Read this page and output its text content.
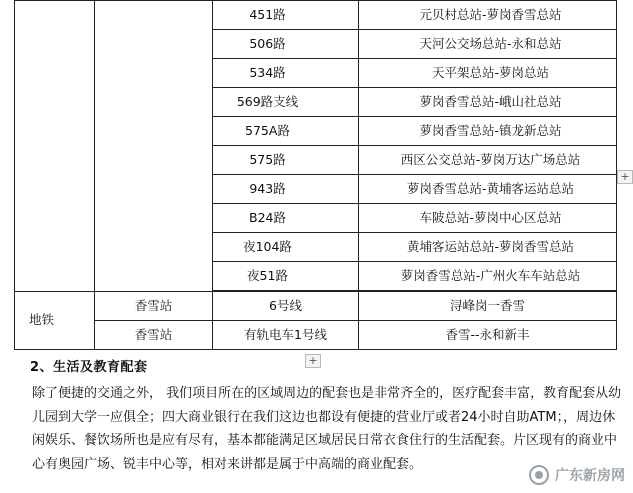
		451路	元贝村总站-萝岗香雪总站
		506路	天河公交场总站-永和总站
		534路	天平架总站-萝岗总站
		569路支线	萝岗香雪总站-峨山社总站
		575A路	萝岗香雪总站-镇龙新总站
		575路	西区公交总站-萝岗万达广场总站
		943路	萝岗香雪总站-黄埔客运站总站
		B24路	车陂总站-萝岗中心区总站
		夜104路	黄埔客运站总站-萝岗香雪总站
		夜51路	萝岗香雪总站-广州火车车站总站
地铁	香雪站	6号线	浔峰岗一香雪
	香雪站	有轨电车1号线	香雪--永和新丰
+
+
2、生活及教育配套
除了便捷的交通之外， 我们项目所在的区域周边的配套也是非常齐全的，医疗配套丰富，教育配套从幼儿园到大学一应俱全；四大商业银行在我们这边也都设有便捷的营业厅或者24小时自助ATM；，周边休闲娱乐、餐饮场所也是应有尽有，基本都能满足区域居民日常衣食住行的生活配套。片区现有的商业中心有奥园广场、锐丰中心等，相对来讲都是属于中高端的商业配套。
广东新房网
